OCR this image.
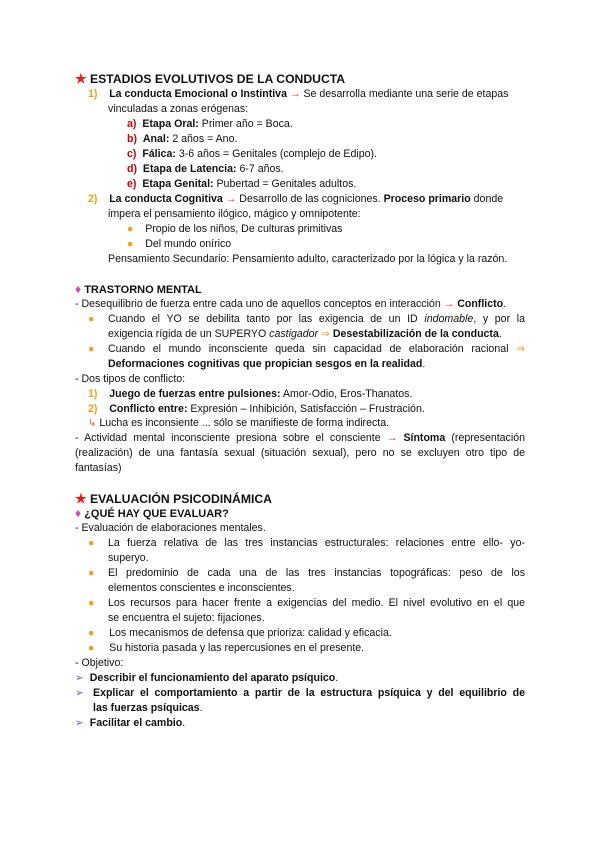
★ ESTADIOS EVOLUTIVOS DE LA CONDUCTA
1) La conducta Emocional o Instintiva → Se desarrolla mediante una serie de etapas
vinculadas a zonas erógenas:
a) Etapa Oral: Primer año = Boca.
b) Anal: 2 años = Ano.
c) Fálica: 3-6 años = Genitales (complejo de Edipo).
d) Etapa de Latencia: 6-7 años.
e) Etapa Genital: Pubertad = Genitales adultos.
2) La conducta Cognitiva → Desarrollo de las cogniciones. Proceso primario donde
impera el pensamiento ilógico, mágico y omnipotente:
● Propio de los niños, De culturas primitivas
● Del mundo onírico
Pensamiento Secundario: Pensamiento adulto, caracterizado por la lógica y la razón.
♦ TRASTORNO MENTAL
- Desequilibrio de fuerza entre cada uno de aquellos conceptos en interacción → Conflicto.
●	Cuando el YO se debilita tanto por las exigencia de un ID indomable, y por la
exigencia rígida de un SUPERYO castigador ⇒ Desestabilización de la conducta.
● Cuando el mundo inconsciente queda sin capacidad de elaboración racional ⇒
Deformaciones cognitivas que propician sesgos en la realidad.
- Dos tipos de conflicto:
1) Juego de fuerzas entre pulsiones: Amor-Odio, Eros-Thanatos.
2) Conflicto entre: Expresión – Inhibición, Satisfacción – Frustración.
↳ Lucha es inconsiente ... sólo se manifieste de forma indirecta.
- Actividad mental inconsciente presiona sobre el consciente → Síntoma (representación
(realización) de una fantasía sexual (situación sexual), pero no se excluyen otro tipo de
fantasías)
★ EVALUACIÓN PSICODINÁMICA
♦ ¿QUÉ HAY QUE EVALUAR?
- Evaluación de elaboraciones mentales.
● La fuerza relativa de las tres instancias estructurales: relaciones entre ello- yo-
superyo.
● El predominio de cada una de las tres instancias topográficas: peso de los
elementos conscientes e inconscientes.
● Los recursos para hacer frente a exigencias del medio. El nivel evolutivo en el que
se encuentra el sujeto: fijaciones.
● Los mecanismos de defensa que prioriza: calidad y eficacia.
● Su historia pasada y las repercusiones en el presente.
- Objetivo:
➢ Describir el funcionamiento del aparato psíquico.
➢ Explicar el comportamiento a partir de la estructura psíquica y del equilibrio de
las fuerzas psíquicas.
➢ Facilitar el cambio.
